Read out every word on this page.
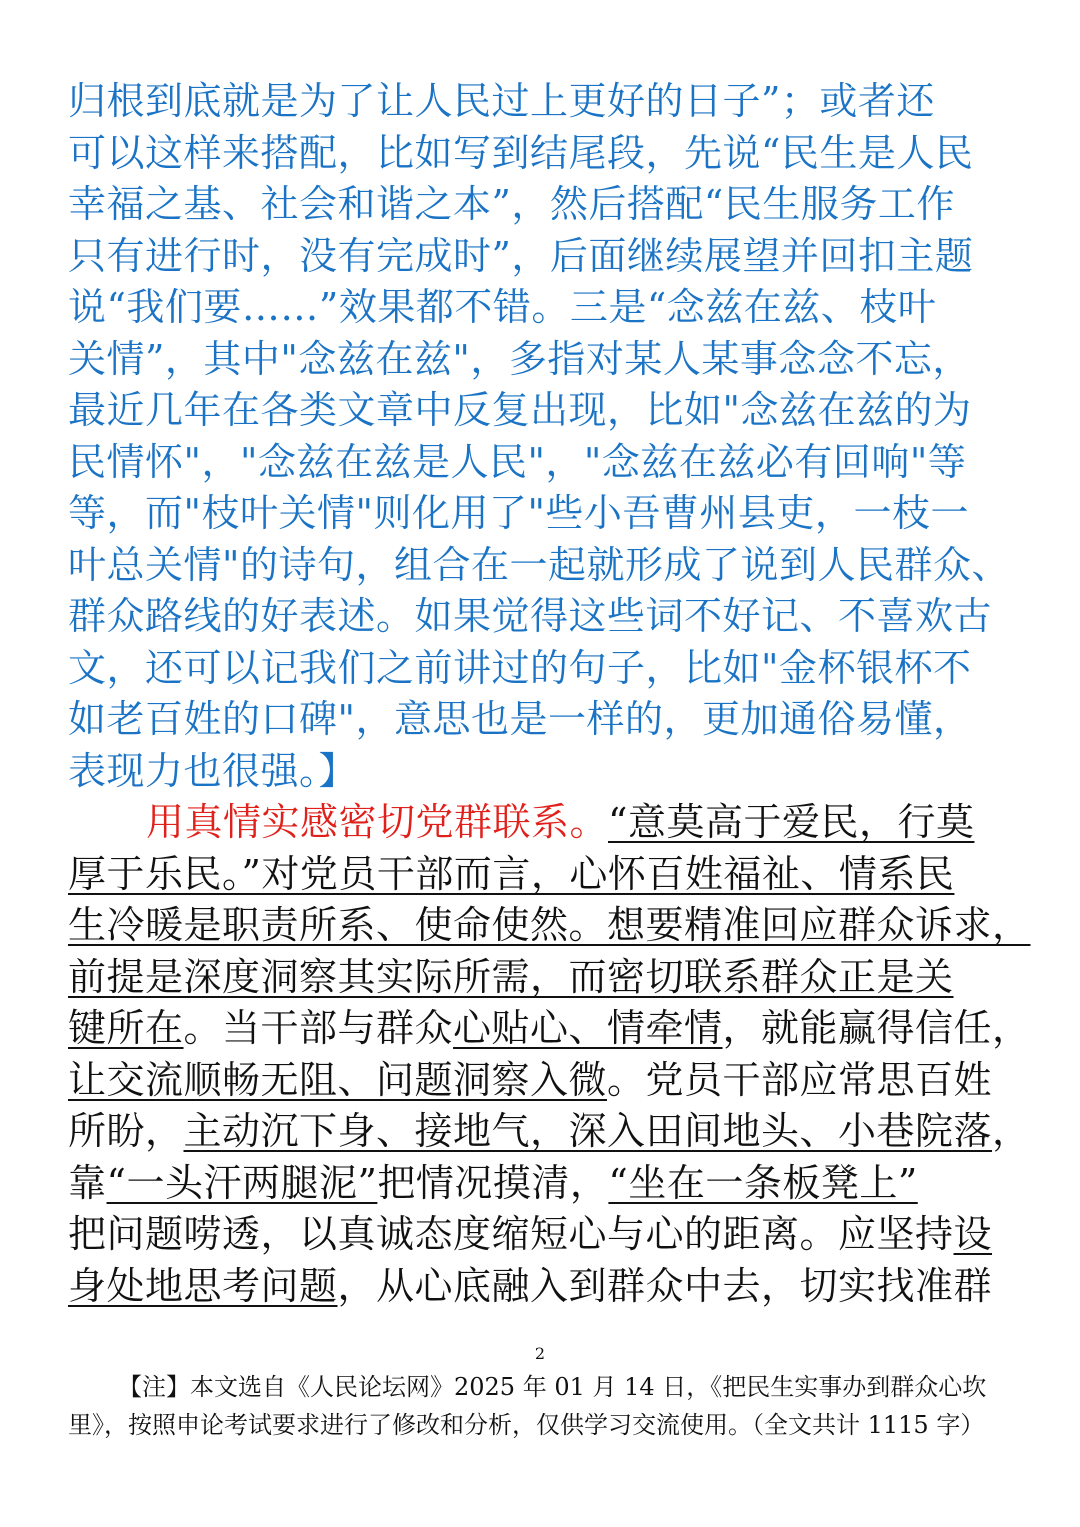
归根到底就是为了让人民过上更好的日子”；或者还
可以这样来搭配，比如写到结尾段，先说“民生是人民
幸福之基、社会和谐之本”，然后搭配“民生服务工作
只有进行时，没有完成时”，后面继续展望并回扣主题
说“我们要……”效果都不错。三是“念兹在兹、枝叶
关情”，其中"念兹在兹"，多指对某人某事念念不忘，
最近几年在各类文章中反复出现，比如"念兹在兹的为
民情怀"，"念兹在兹是人民"，"念兹在兹必有回响"等
等，而"枝叶关情"则化用了"些小吾曹州县吏，一枝一
叶总关情"的诗句，组合在一起就形成了说到人民群众、
群众路线的好表述。如果觉得这些词不好记、不喜欢古
文，还可以记我们之前讲过的句子，比如"金杯银杯不
如老百姓的口碑"，意思也是一样的，更加通俗易懂，
表现力也很强。】
用真情实感密切党群联系。“意莫高于爱民，行莫
厚于乐民。”对党员干部而言，心怀百姓福祉、情系民
生冷暖是职责所系、使命使然。想要精准回应群众诉求，
前提是深度洞察其实际所需，而密切联系群众正是关
键所在。当干部与群众心贴心、情牵情，就能赢得信任，
让交流顺畅无阻、问题洞察入微。党员干部应常思百姓
所盼，主动沉下身、接地气，深入田间地头、小巷院落，
靠“一头汗两腿泥”把情况摸清，“坐在一条板凳上”
把问题唠透，以真诚态度缩短心与心的距离。应坚持设
身处地思考问题，从心底融入到群众中去，切实找准群
2
【注】本文选自《人民论坛网》2025 年 01 月 14 日，《把民生实事办到群众心坎
里》，按照申论考试要求进行了修改和分析，仅供学习交流使用。（全文共计 1115 字）
